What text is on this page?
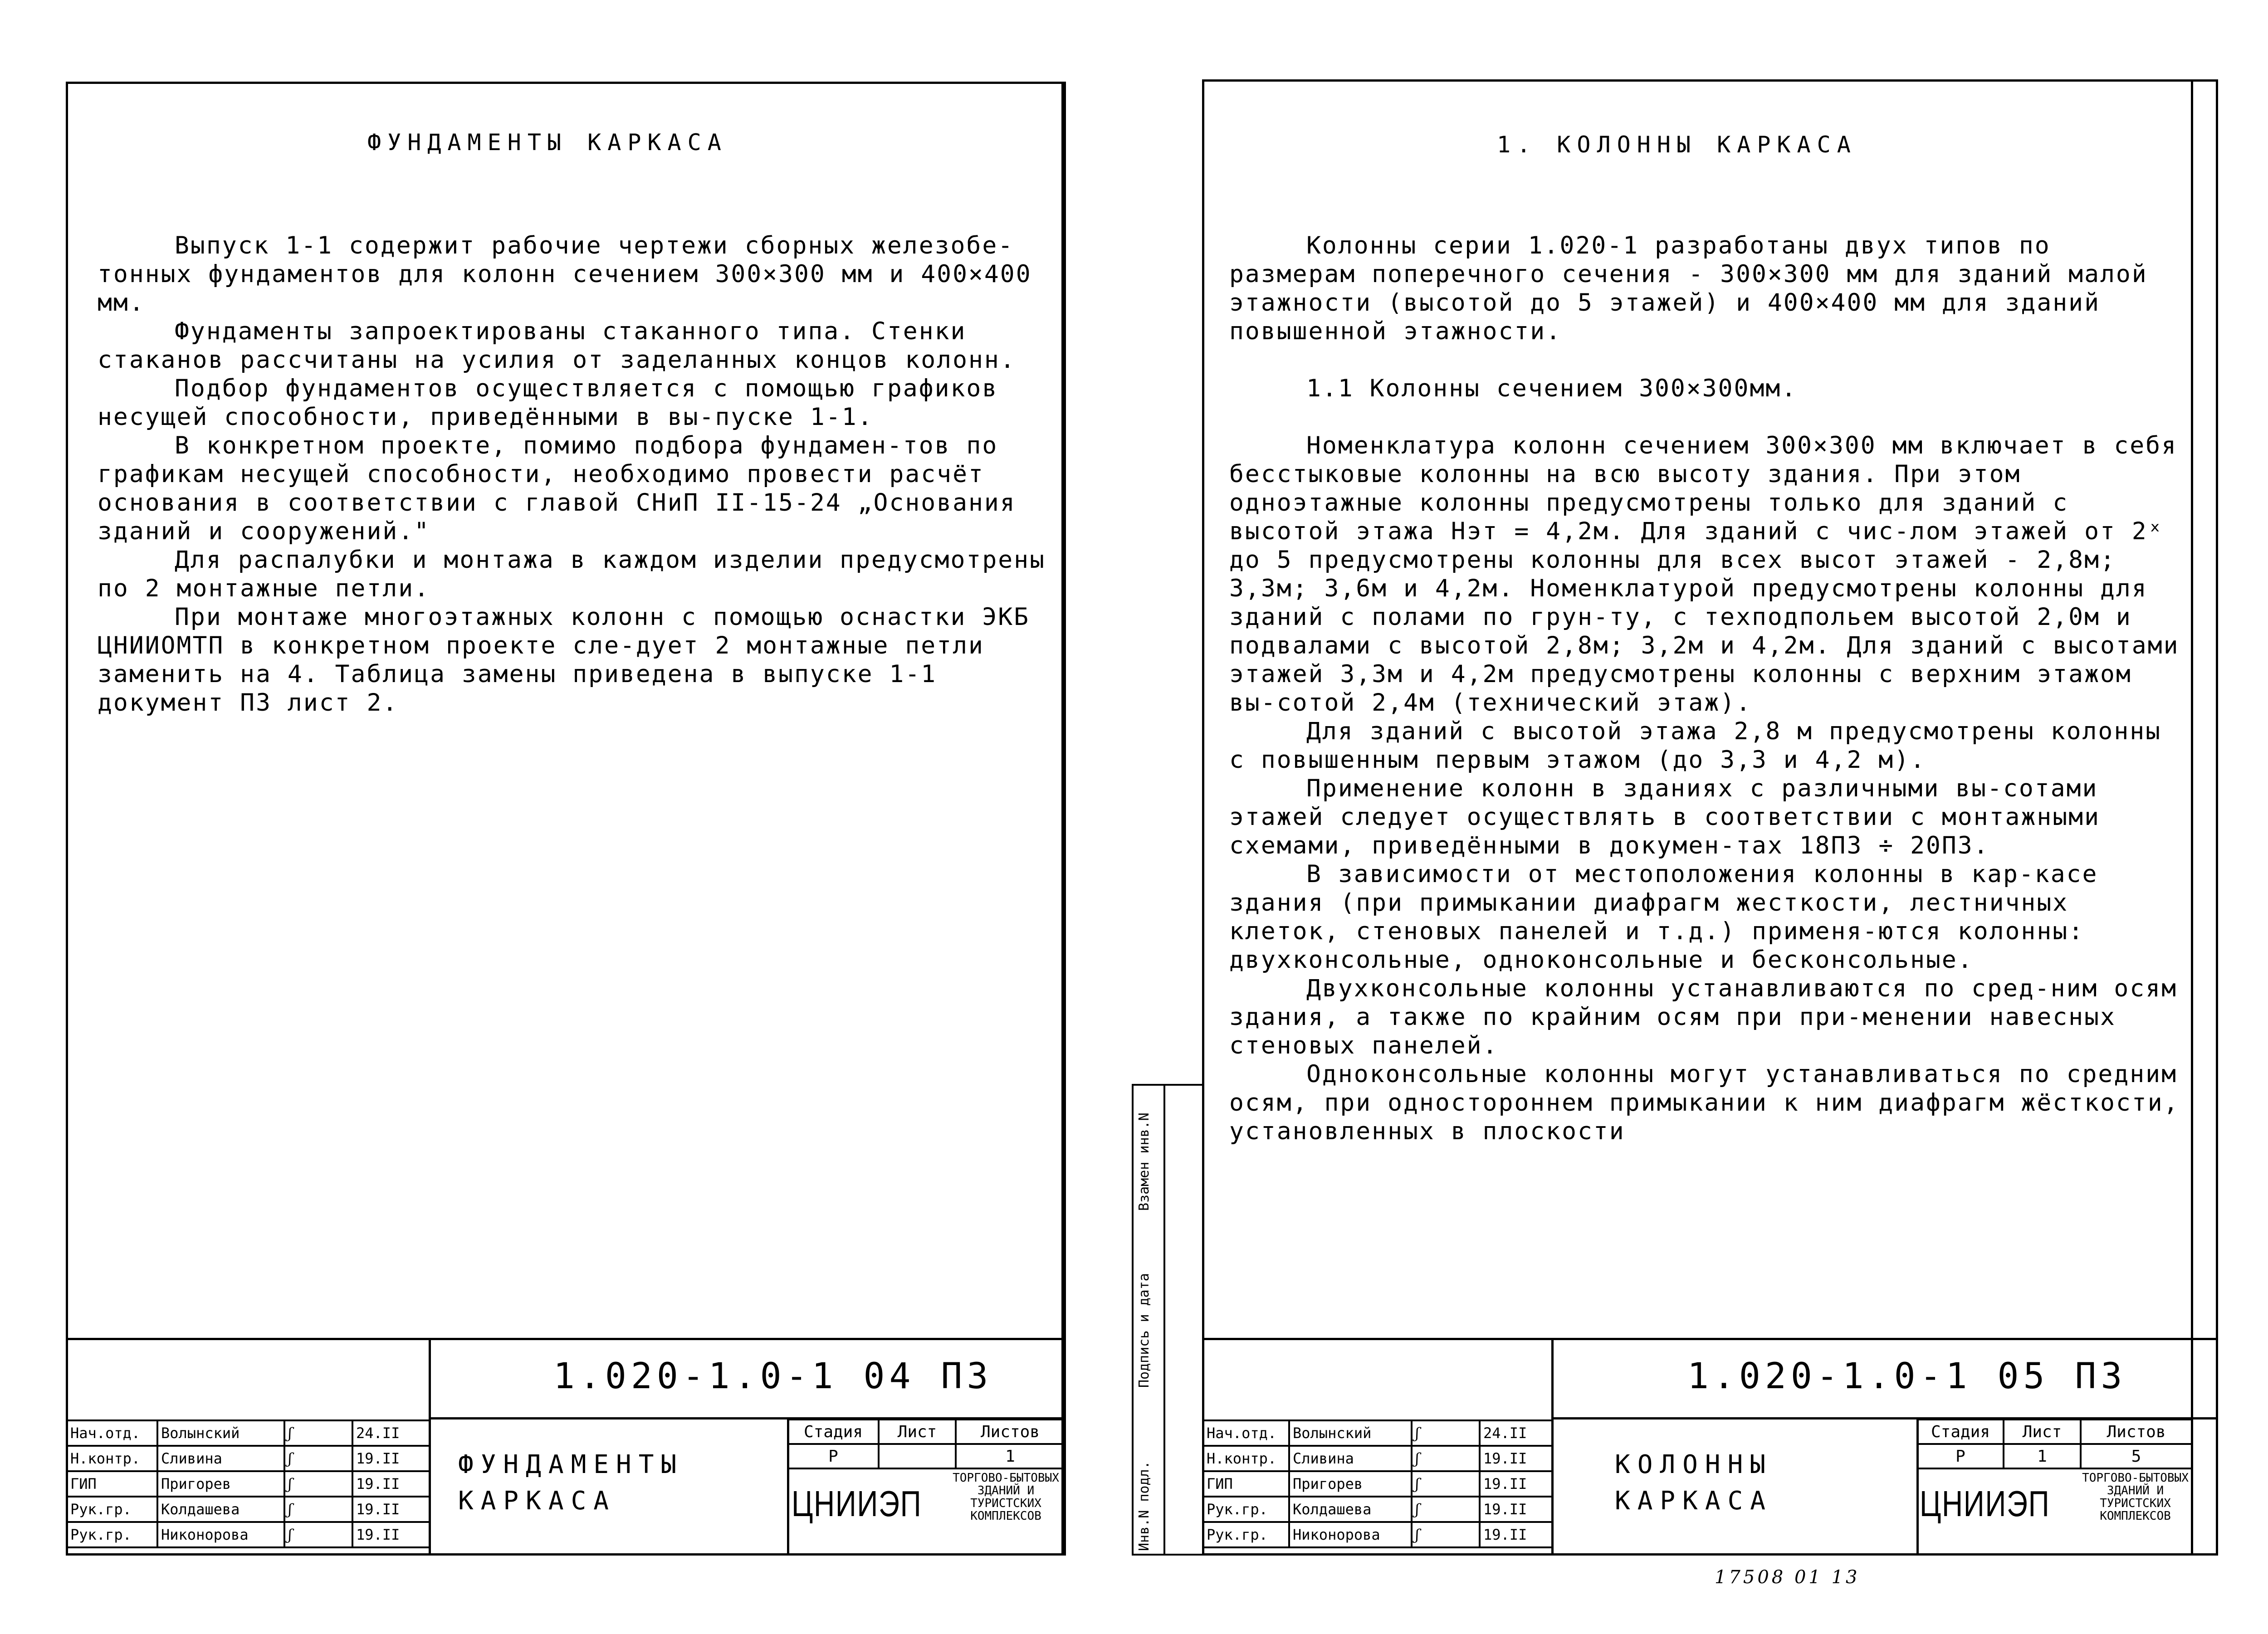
ФУНДАМЕНТЫ КАРКАСА

Выпуск 1-1 содержит рабочие чертежи сборных железобе-тонных фундаментов для колонн сечением 300×300 мм и 400×400 мм.

Фундаменты запроектированы стаканного типа. Стенки стаканов рассчитаны на усилия от заделанных концов колонн.

Подбор фундаментов осуществляется с помощью графиков несущей способности, приведёнными в вы-пуске 1-1.

В конкретном проекте, помимо подбора фундамен-тов по графикам несущей способности, необходимо провести расчёт основания в соответствии с главой СНиП II-15-24 „Основания зданий и сооружений."

Для распалубки и монтажа в каждом изделии предусмотрены по 2 монтажные петли.

При монтаже многоэтажных колонн с помощью оснастки ЭКБ ЦНИИОМТП в конкретном проекте сле-дует 2 монтажные петли заменить на 4. Таблица замены приведена в выпуске 1-1 документ ПЗ лист 2.

1.020-1.0-1 04 ПЗ
Нач.отд.	Волынский	ʃ	24.II
Н.контр.	Сливина	ʃ	19.II
ГИП	Пригорев	ʃ	19.II
Рук.гр.	Колдашева	ʃ	19.II
Рук.гр.	Никонорова	ʃ	19.II
ФУНДАМЕНТЫ КАРКАСА
Стадия	Лист	Листов
Р		1
ЦНИИЭП
ТОРГОВО-БЫТОВЫХ ЗДАНИЙ И ТУРИСТСКИХ КОМПЛЕКСОВ
1. КОЛОННЫ КАРКАСА

Колонны серии 1.020-1 разработаны двух типов по размерам поперечного сечения - 300×300 мм для зданий малой этажности (высотой до 5 этажей) и 400×400 мм для зданий повышенной этажности.

1.1 Колонны сечением 300×300мм.

Номенклатура колонн сечением 300×300 мм включает в себя бесстыковые колонны на всю высоту здания. При этом одноэтажные колонны предусмотрены только для зданий с высотой этажа Нэт = 4,2м. Для зданий с чис-лом этажей от 2ˣ до 5 предусмотрены колонны для всех высот этажей - 2,8м; 3,3м; 3,6м и 4,2м. Номенклатурой предусмотрены колонны для зданий с полами по грун-ту, с техподпольем высотой 2,0м и подвалами с высотой 2,8м; 3,2м и 4,2м. Для зданий с высотами этажей 3,3м и 4,2м предусмотрены колонны с верхним этажом вы-сотой 2,4м (технический этаж).

Для зданий с высотой этажа 2,8 м предусмотрены колонны с повышенным первым этажом (до 3,3 и 4,2 м).

Применение колонн в зданиях с различными вы-сотами этажей следует осуществлять в соответствии с монтажными схемами, приведёнными в докумен-тах 18ПЗ ÷ 20ПЗ.

В зависимости от местоположения колонны в кар-касе здания (при примыкании диафрагм жесткости, лестничных клеток, стеновых панелей и т.д.) применя-ются колонны: двухконсольные, одноконсольные и бесконсольные.

Двухконсольные колонны устанавливаются по сред-ним осям здания, а также по крайним осям при при-менении навесных стеновых панелей.

Одноконсольные колонны могут устанавливаться по средним осям, при одностороннем примыкании к ним диафрагм жёсткости, установленных в плоскости

Инв.N подл.
Подпись и дата
Взамен инв.N
1.020-1.0-1 05 ПЗ
Нач.отд.	Волынский	ʃ	24.II
Н.контр.	Сливина	ʃ	19.II
ГИП	Пригорев	ʃ	19.II
Рук.гр.	Колдашева	ʃ	19.II
Рук.гр.	Никонорова	ʃ	19.II
КОЛОННЫ КАРКАСА
Стадия	Лист	Листов
Р	1	5
ЦНИИЭП
ТОРГОВО-БЫТОВЫХ ЗДАНИЙ И ТУРИСТСКИХ КОМПЛЕКСОВ
17508 01 13
